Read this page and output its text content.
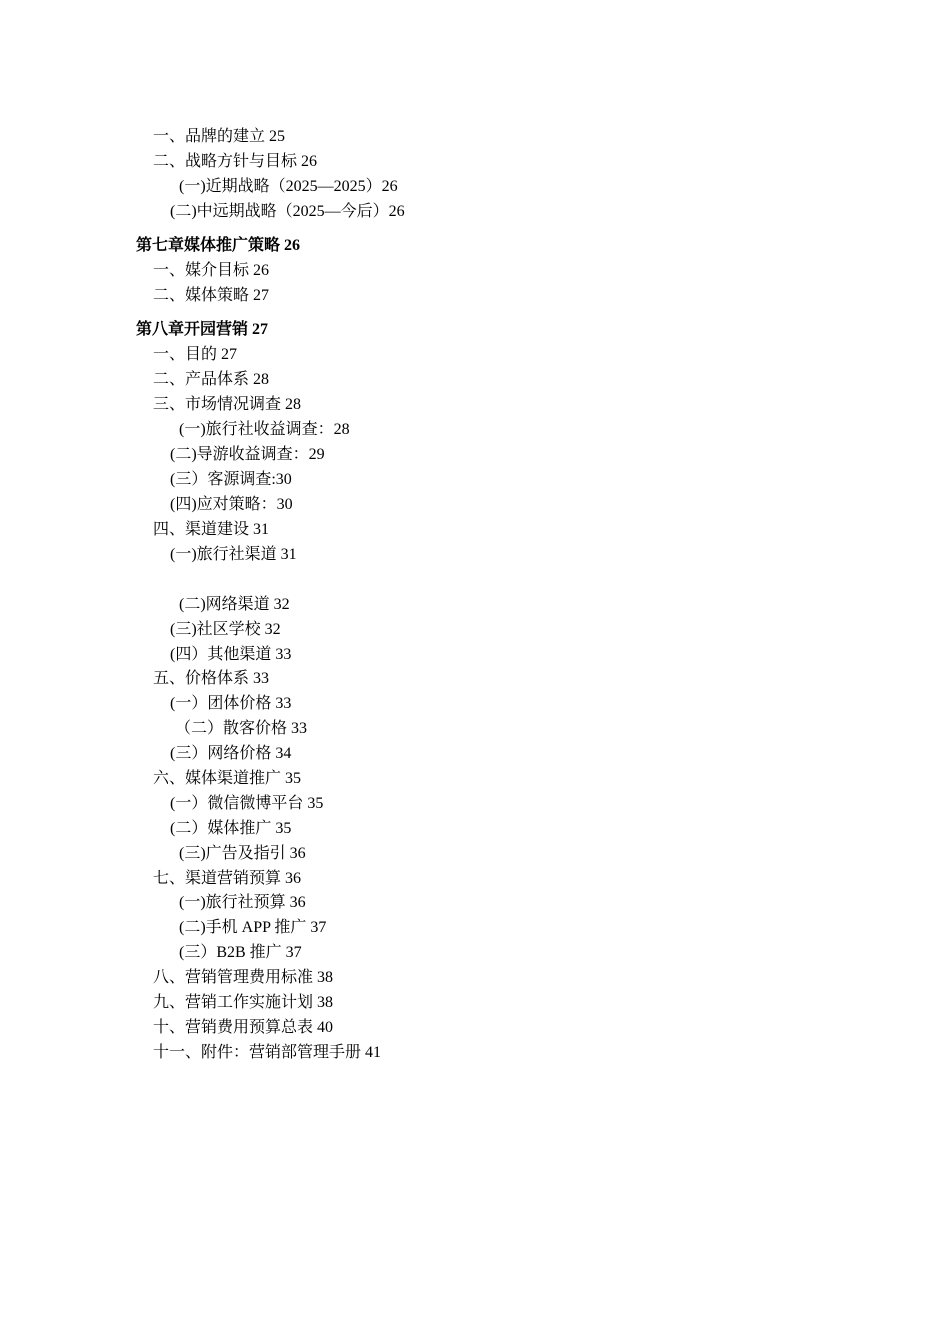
一、品牌的建立 25
二、战略方针与目标 26
(一)近期战略（2025—2025）26
(二)中远期战略（2025—今后）26
第七章媒体推广策略 26
一、媒介目标 26
二、媒体策略 27
第八章开园营销 27
一、目的 27
二、产品体系 28
三、市场情况调查 28
(一)旅行社收益调查：28
(二)导游收益调查：29
(三）客源调查:30
(四)应对策略：30
四、渠道建设 31
(一)旅行社渠道 31
(二)网络渠道 32
(三)社区学校 32
(四）其他渠道 33
五、价格体系 33
(一）团体价格 33
（二）散客价格 33
(三）网络价格 34
六、媒体渠道推广 35
(一）微信微博平台 35
(二）媒体推广 35
(三)广告及指引 36
七、渠道营销预算 36
(一)旅行社预算 36
(二)手机 APP 推广 37
(三）B2B 推广 37
八、营销管理费用标准 38
九、营销工作实施计划 38
十、营销费用预算总表 40
十一、附件：营销部管理手册 41
